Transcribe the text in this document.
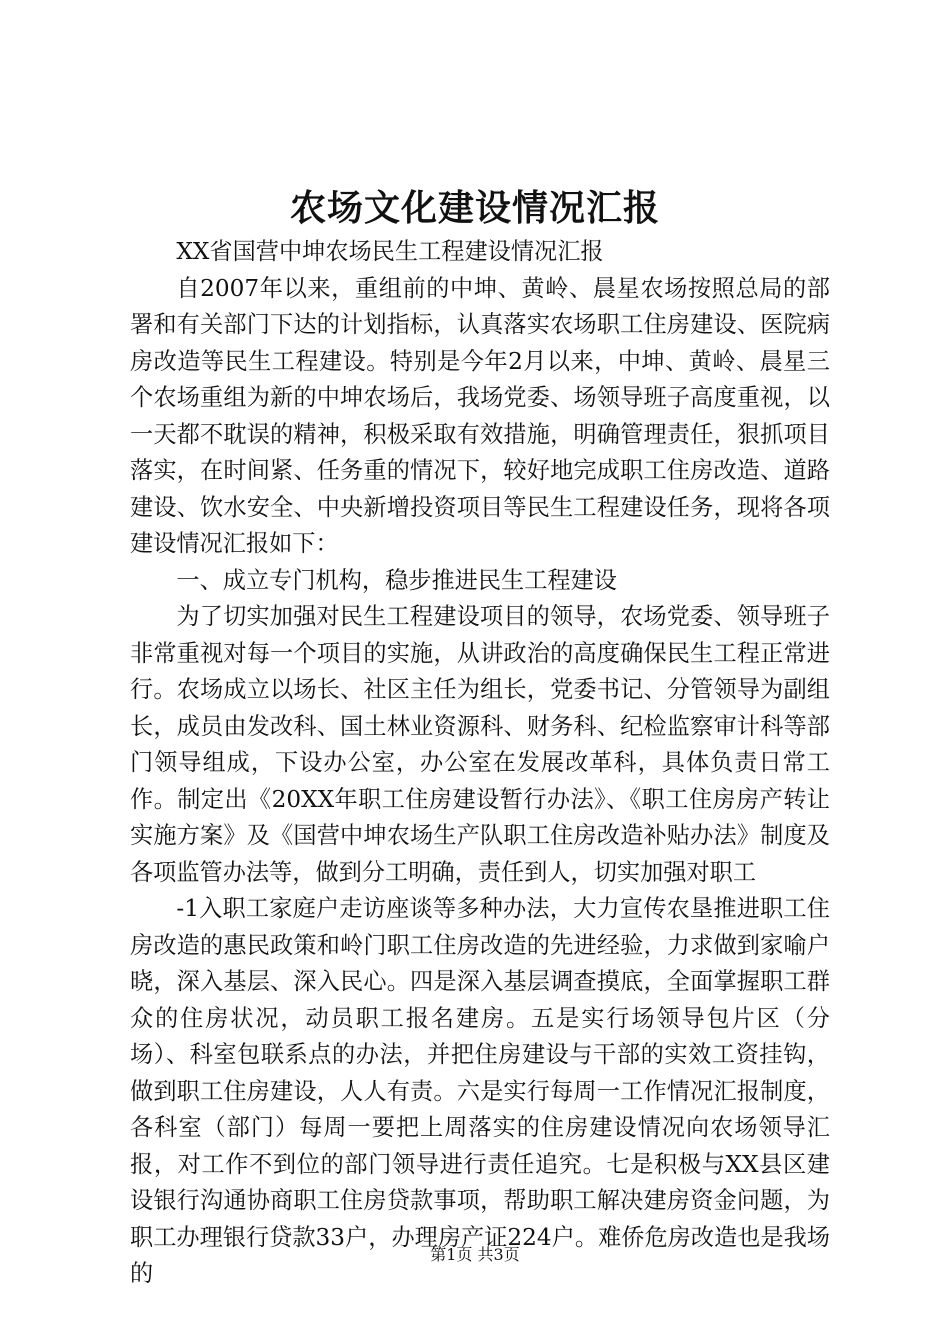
农场文化建设情况汇报

XX省国营中坤农场民生工程建设情况汇报

自2007年以来，重组前的中坤、黄岭、晨星农场按照总局的部署和有关部门下达的计划指标，认真落实农场职工住房建设、医院病房改造等民生工程建设。特别是今年2月以来，中坤、黄岭、晨星三个农场重组为新的中坤农场后，我场党委、场领导班子高度重视，以一天都不耽误的精神，积极采取有效措施，明确管理责任，狠抓项目落实，在时间紧、任务重的情况下，较好地完成职工住房改造、道路建设、饮水安全、中央新增投资项目等民生工程建设任务，现将各项建设情况汇报如下：

一、成立专门机构，稳步推进民生工程建设

为了切实加强对民生工程建设项目的领导，农场党委、领导班子非常重视对每一个项目的实施，从讲政治的高度确保民生工程正常进行。农场成立以场长、社区主任为组长，党委书记、分管领导为副组长，成员由发改科、国土林业资源科、财务科、纪检监察审计科等部门领导组成，下设办公室，办公室在发展改革科，具体负责日常工作。制定出《20XX年职工住房建设暂行办法》、《职工住房房产转让实施方案》及《国营中坤农场生产队职工住房改造补贴办法》制度及各项监管办法等，做到分工明确，责任到人，切实加强对职工

-1入职工家庭户走访座谈等多种办法，大力宣传农垦推进职工住房改造的惠民政策和岭门职工住房改造的先进经验，力求做到家喻户晓，深入基层、深入民心。四是深入基层调查摸底，全面掌握职工群众的住房状况，动员职工报名建房。五是实行场领导包片区（分场）、科室包联系点的办法，并把住房建设与干部的实效工资挂钩，做到职工住房建设，人人有责。六是实行每周一工作情况汇报制度，各科室（部门）每周一要把上周落实的住房建设情况向农场领导汇报，对工作不到位的部门领导进行责任追究。七是积极与XX县区建设银行沟通协商职工住房贷款事项，帮助职工解决建房资金问题，为职工办理银行贷款33户，办理房产证224户。难侨危房改造也是我场的

第1页 共3页
